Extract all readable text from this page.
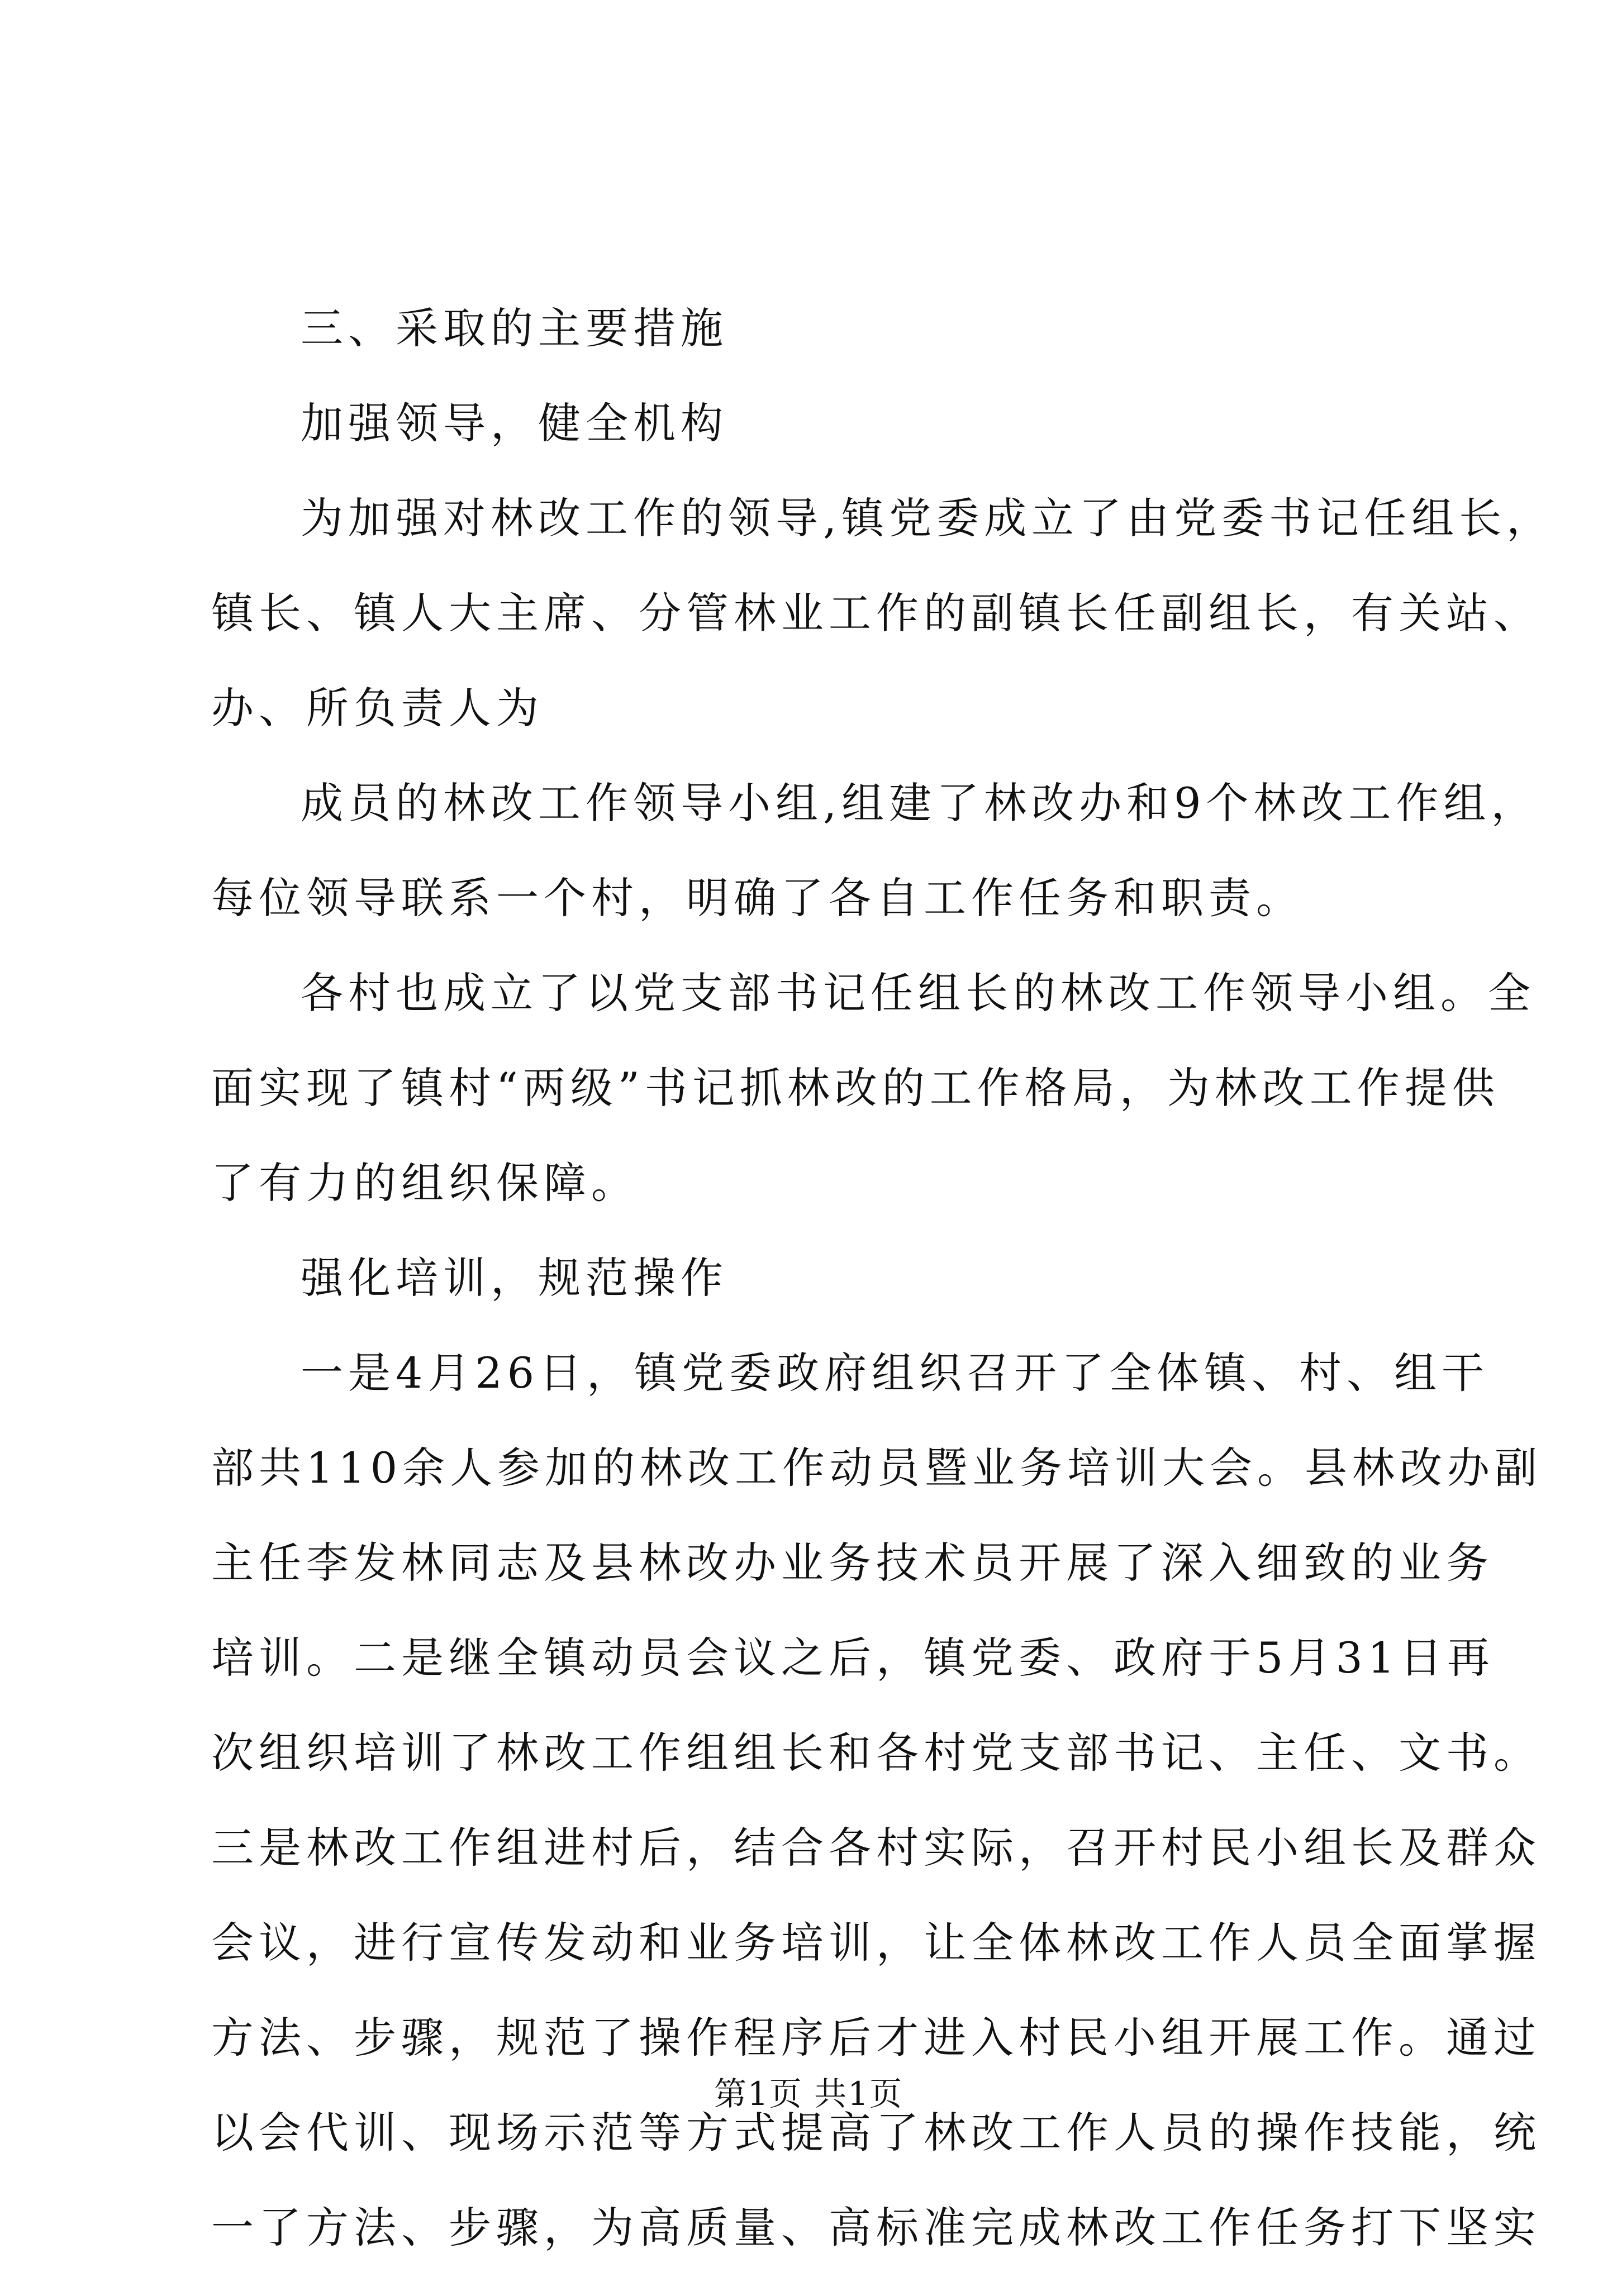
三、采取的主要措施
加强领导，健全机构
为加强对林改工作的领导,镇党委成立了由党委书记任组长，
镇长、镇人大主席、分管林业工作的副镇长任副组长，有关站、
办、所负责人为
成员的林改工作领导小组,组建了林改办和9个林改工作组，
每位领导联系一个村，明确了各自工作任务和职责。
各村也成立了以党支部书记任组长的林改工作领导小组。全
面实现了镇村“两级”书记抓林改的工作格局，为林改工作提供
了有力的组织保障。
强化培训，规范操作
一是4月26日，镇党委政府组织召开了全体镇、村、组干
部共110余人参加的林改工作动员暨业务培训大会。县林改办副
主任李发林同志及县林改办业务技术员开展了深入细致的业务
培训。二是继全镇动员会议之后，镇党委、政府于5月31日再
次组织培训了林改工作组组长和各村党支部书记、主任、文书。
三是林改工作组进村后，结合各村实际，召开村民小组长及群众
会议，进行宣传发动和业务培训，让全体林改工作人员全面掌握
方法、步骤，规范了操作程序后才进入村民小组开展工作。通过
以会代训、现场示范等方式提高了林改工作人员的操作技能，统
一了方法、步骤，为高质量、高标准完成林改工作任务打下坚实
第1页 共1页
